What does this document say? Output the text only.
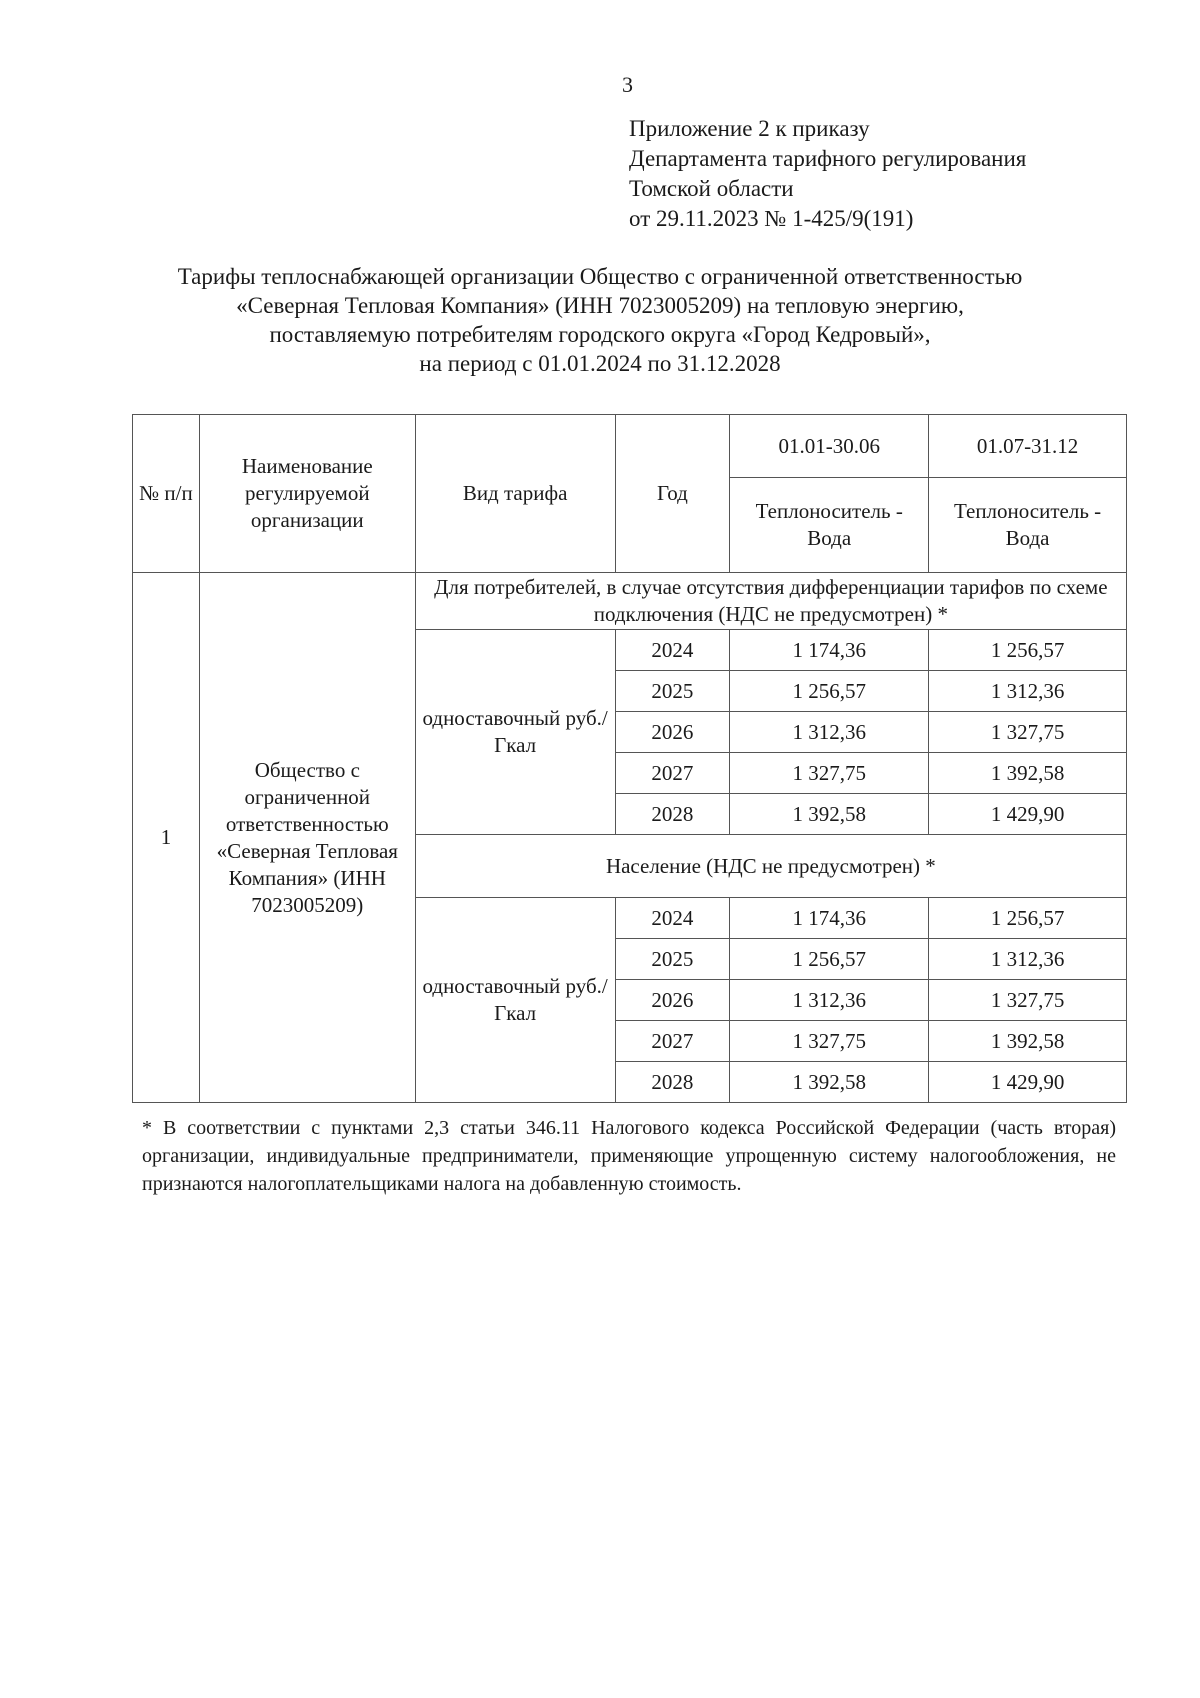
3
Приложение 2 к приказу
Департамента тарифного регулирования
Томской области
от 29.11.2023 № 1-425/9(191)
Тарифы теплоснабжающей организации Общество с ограниченной ответственностью
«Северная Тепловая Компания» (ИНН 7023005209) на тепловую энергию,
поставляемую потребителям городского округа «Город Кедровый»,
на период с 01.01.2024 по 31.12.2028
№ п/п	Наименование регулируемой организации	Вид тарифа	Год	01.01-30.06	01.07-31.12
				Теплоноситель - Вода	Теплоноситель - Вода
1	Общество с ограниченной ответственностью «Северная Тепловая Компания» (ИНН 7023005209)	Для потребителей, в случае отсутствия дифференциации тарифов по схеме подключения (НДС не предусмотрен) *			
		одноставочный руб./Гкал	2024	1 174,36	1 256,57
			2025	1 256,57	1 312,36
			2026	1 312,36	1 327,75
			2027	1 327,75	1 392,58
			2028	1 392,58	1 429,90
		Население (НДС не предусмотрен) *			
		одноставочный руб./Гкал	2024	1 174,36	1 256,57
			2025	1 256,57	1 312,36
			2026	1 312,36	1 327,75
			2027	1 327,75	1 392,58
			2028	1 392,58	1 429,90
* В соответствии с пунктами 2,3 статьи 346.11 Налогового кодекса Российской Федерации (часть вторая) организации, индивидуальные предприниматели, применяющие упрощенную систему налогообложения, не признаются налогоплательщиками налога на добавленную стоимость.
